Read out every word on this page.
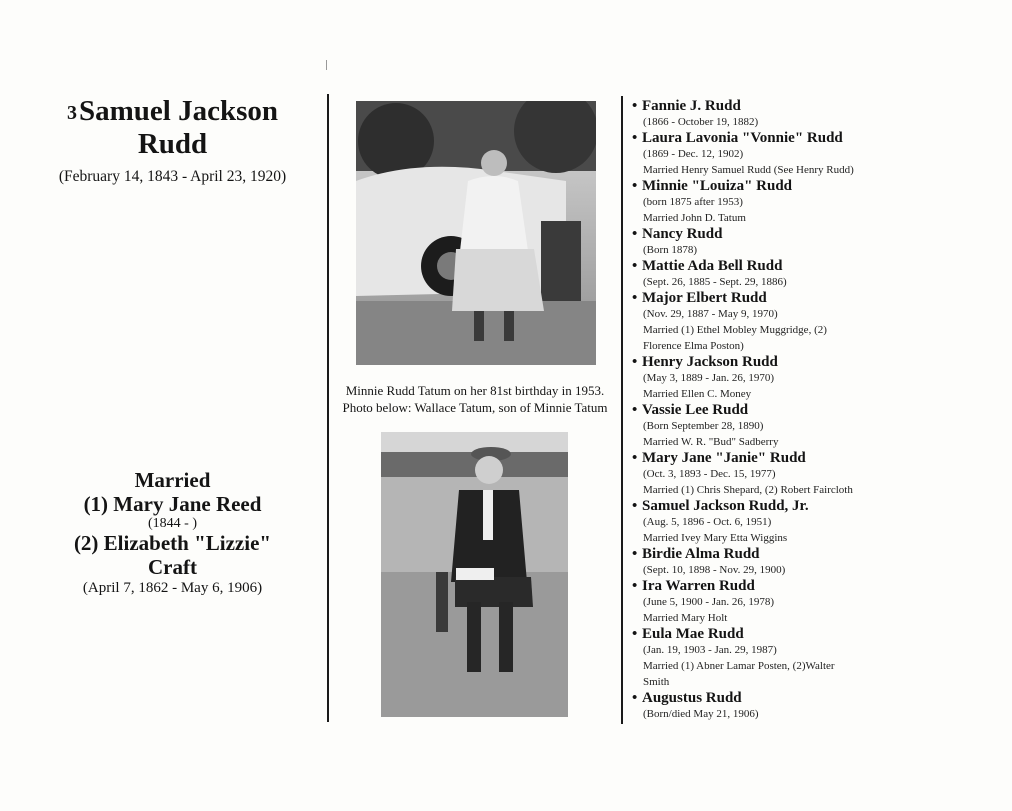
$^3$Samuel Jackson
Rudd
(February 14, 1843 - April 23, 1920)
Married
(1) Mary Jane Reed
(1844 - )
(2) Elizabeth "Lizzie"
Craft
(April 7, 1862 - May 6, 1906)
Minnie Rudd Tatum on her 81st birthday in 1953.
Photo below: Wallace Tatum, son of Minnie Tatum
• Fannie J. Rudd
(1866 - October 19, 1882)
• Laura Lavonia "Vonnie" Rudd
(1869 - Dec. 12, 1902)
Married Henry Samuel Rudd (See Henry Rudd)
• Minnie "Louiza" Rudd
(born 1875 after 1953)
Married John D. Tatum
• Nancy Rudd
(Born 1878)
• Mattie Ada Bell Rudd
(Sept. 26, 1885 - Sept. 29, 1886)
• Major Elbert Rudd
(Nov. 29, 1887 - May 9, 1970)
Married (1) Ethel Mobley Muggridge, (2)
Florence Elma Poston)
• Henry Jackson Rudd
(May 3, 1889 - Jan. 26, 1970)
Married Ellen C. Money
• Vassie Lee Rudd
(Born September 28, 1890)
Married W. R. "Bud" Sadberry
• Mary Jane "Janie" Rudd
(Oct. 3, 1893 - Dec. 15, 1977)
Married (1) Chris Shepard, (2) Robert Faircloth
• Samuel Jackson Rudd, Jr.
(Aug. 5, 1896 - Oct. 6, 1951)
Married Ivey Mary Etta Wiggins
• Birdie Alma Rudd
(Sept. 10, 1898 - Nov. 29, 1900)
• Ira Warren Rudd
(June 5, 1900 - Jan. 26, 1978)
Married Mary Holt
• Eula Mae Rudd
(Jan. 19, 1903 - Jan. 29, 1987)
Married (1) Abner Lamar Posten, (2)Walter
Smith
• Augustus Rudd
(Born/died May 21, 1906)
